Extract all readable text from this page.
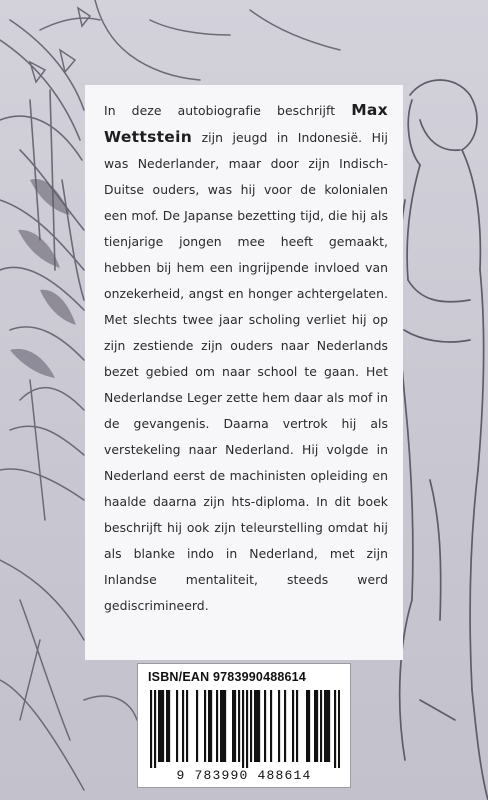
In deze autobiografie beschrijft Max Wettstein zijn jeugd in Indonesië. Hij was Nederlander, maar door zijn Indisch-Duitse ouders, was hij voor de kolonialen een mof. De Japanse bezetting tijd, die hij als tienjarige jongen mee heeft gemaakt, hebben bij hem een ingrijpende invloed van onzekerheid, angst en honger achtergelaten. Met slechts twee jaar scholing verliet hij op zijn zestiende zijn ouders naar Nederlands bezet gebied om naar school te gaan. Het Nederlandse Leger zette hem daar als mof in de gevangenis. Daarna vertrok hij als verstekeling naar Nederland. Hij volgde in Nederland eerst de machinisten opleiding en haalde daarna zijn hts-diploma. In dit boek beschrijft hij ook zijn teleurstelling omdat hij als blanke indo in Nederland, met zijn Inlandse mentaliteit, steeds werd gediscrimineerd.

ISBN/EAN 9783990488614
9 783990 488614
